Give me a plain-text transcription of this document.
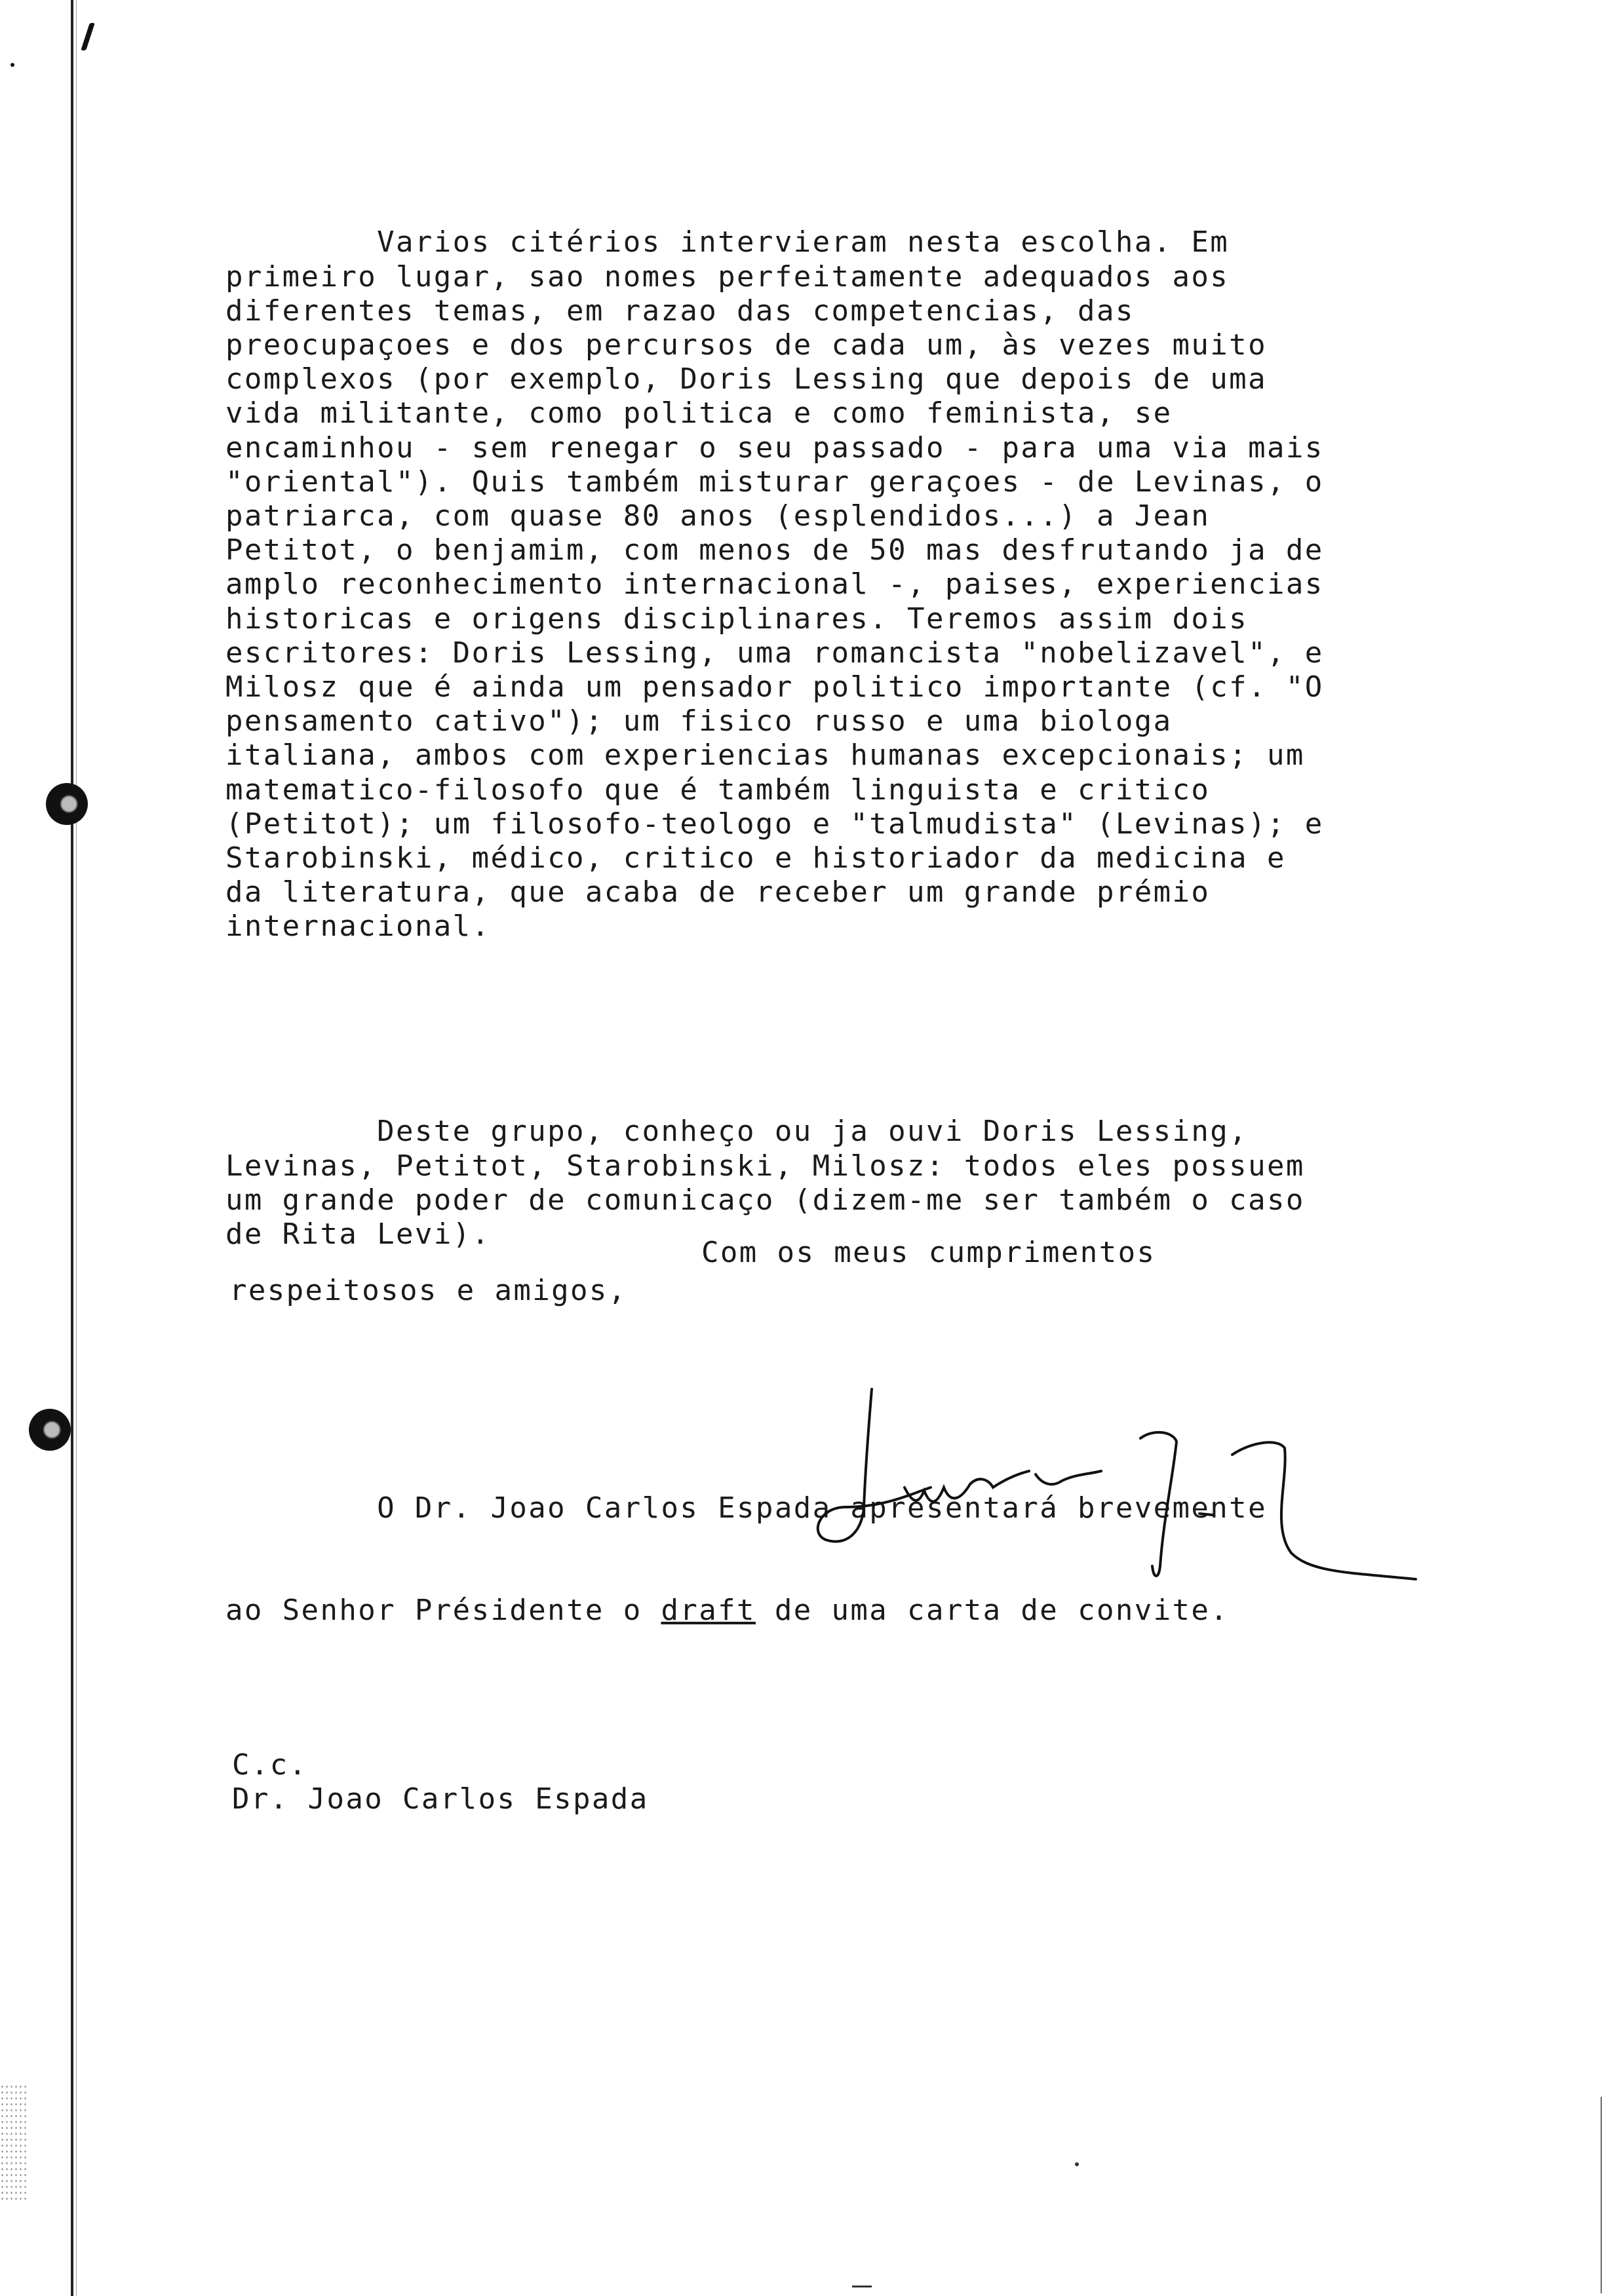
Varios citérios intervieram nesta escolha. Em
primeiro lugar, sao nomes perfeitamente adequados aos
diferentes temas, em razao das competencias, das
preocupaçoes e dos percursos de cada um, às vezes muito
complexos (por exemplo, Doris Lessing que depois de uma
vida militante, como politica e como feminista, se
encaminhou - sem renegar o seu passado - para uma via mais
"oriental"). Quis também misturar geraçoes - de Levinas, o
patriarca, com quase 80 anos (esplendidos...) a Jean
Petitot, o benjamim, com menos de 50 mas desfrutando ja de
amplo reconhecimento internacional -, paises, experiencias
historicas e origens disciplinares. Teremos assim dois
escritores: Doris Lessing, uma romancista "nobelizavel", e
Milosz que é ainda um pensador politico importante (cf. "O
pensamento cativo"); um fisico russo e uma biologa
italiana, ambos com experiencias humanas excepcionais; um
matematico-filosofo que é também linguista e critico
(Petitot); um filosofo-teologo e "talmudista" (Levinas); e
Starobinski, médico, critico e historiador da medicina e
da literatura, que acaba de receber um grande prémio
internacional.

Deste grupo, conheço ou ja ouvi Doris Lessing,
Levinas, Petitot, Starobinski, Milosz: todos eles possuem
um grande poder de comunicaço (dizem-me ser também o caso
de Rita Levi).

O Dr. Joao Carlos Espada apresentará brevemente

ao Senhor Présidente o draft de uma carta de convite.

Com os meus cumprimentos
respeitosos e amigos,
C.c.
Dr. Joao Carlos Espada
